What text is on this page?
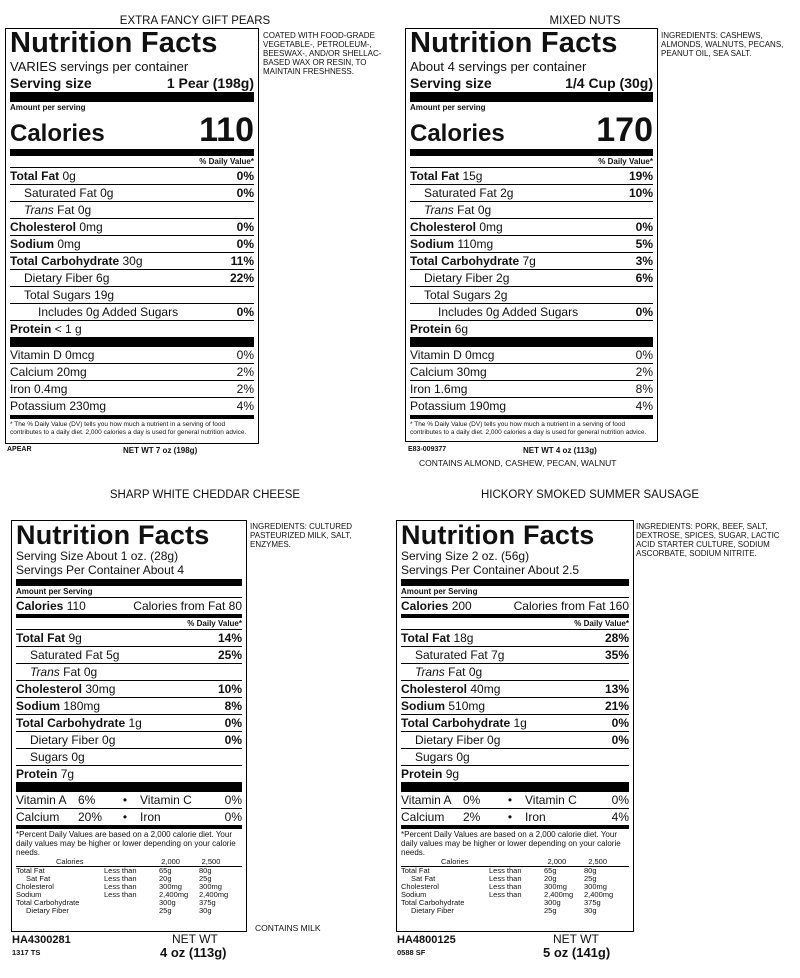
EXTRA FANCY GIFT PEARS
COATED WITH FOOD-GRADE VEGETABLE-, PETROLEUM-, BEESWAX-, AND/OR SHELLAC-BASED WAX OR RESIN, TO MAINTAIN FRESHNESS.
Nutrition Facts
VARIES servings per container
Serving size	1 Pear (198g)
Amount per serving
Calories	110
% Daily Value*
Total Fat 0g	0%
Saturated Fat 0g	0%
Trans Fat 0g
Cholesterol 0mg	0%
Sodium 0mg	0%
Total Carbohydrate 30g	11%
Dietary Fiber 6g	22%
Total Sugars 19g
Includes 0g Added Sugars	0%
Protein < 1 g
Vitamin D 0mcg	0%
Calcium 20mg	2%
Iron 0.4mg	2%
Potassium 230mg	4%
* The % Daily Value (DV) tells you how much a nutrient in a serving of food contributes to a daily diet. 2,000 calories a day is used for general nutrition advice.
APEAR	NET WT 7 oz (198g)
MIXED NUTS
INGREDIENTS: CASHEWS, ALMONDS, WALNUTS, PECANS, PEANUT OIL, SEA SALT.
Nutrition Facts
About 4 servings per container
Serving size	1/4 Cup (30g)
Amount per serving
Calories	170
% Daily Value*
Total Fat 15g	19%
Saturated Fat 2g	10%
Trans Fat 0g
Cholesterol 0mg	0%
Sodium 110mg	5%
Total Carbohydrate 7g	3%
Dietary Fiber 2g	6%
Total Sugars 2g
Includes 0g Added Sugars	0%
Protein 6g
Vitamin D 0mcg	0%
Calcium 30mg	2%
Iron 1.6mg	8%
Potassium 190mg	4%
* The % Daily Value (DV) tells you how much a nutrient in a serving of food contributes to a daily diet. 2,000 calories a day is used for general nutrition advice.
E83-009377	NET WT 4 oz (113g)
CONTAINS ALMOND, CASHEW, PECAN, WALNUT
SHARP WHITE CHEDDAR CHEESE
INGREDIENTS: CULTURED PASTEURIZED MILK, SALT, ENZYMES.
Nutrition Facts
Serving Size About 1 oz. (28g)
Servings Per Container About 4
Amount per Serving
Calories 110	Calories from Fat 80
% Daily Value*
Total Fat 9g	14%
Saturated Fat 5g	25%
Trans Fat 0g
Cholesterol 30mg	10%
Sodium 180mg	8%
Total Carbohydrate 1g	0%
Dietary Fiber 0g	0%
Sugars 0g
Protein 7g
Vitamin A 6%	•	Vitamin C	0%
Calcium	20%	•	Iron	0%
*Percent Daily Values are based on a 2,000 calorie diet. Your daily values may be higher or lower depending on your calorie needs.
	Calories	2,000	2,500
Total Fat	Less than	65g	80g
Sat Fat	Less than	20g	25g
Cholesterol	Less than	300mg	300mg
Sodium	Less than	2,400mg	2,400mg
Total Carbohydrate		300g	375g
Dietary Fiber		25g	30g
HA4300281
1317 TS
NET WT
4 oz (113g)
CONTAINS MILK
HICKORY SMOKED SUMMER SAUSAGE
INGREDIENTS: PORK, BEEF, SALT, DEXTROSE, SPICES, SUGAR, LACTIC ACID STARTER CULTURE, SODIUM ASCORBATE, SODIUM NITRITE.
Nutrition Facts
Serving Size 2 oz. (56g)
Servings Per Container About 2.5
Amount per Serving
Calories 200	Calories from Fat 160
% Daily Value*
Total Fat 18g	28%
Saturated Fat 7g	35%
Trans Fat 0g
Cholesterol 40mg	13%
Sodium 510mg	21%
Total Carbohydrate 1g	0%
Dietary Fiber 0g	0%
Sugars 0g
Protein 9g
Vitamin A 0%	•	Vitamin C	0%
Calcium	2%	•	Iron	4%
*Percent Daily Values are based on a 2,000 calorie diet. Your daily values may be higher or lower depending on your calorie needs.
	Calories	2,000	2,500
Total Fat	Less than	65g	80g
Sat Fat	Less than	20g	25g
Cholesterol	Less than	300mg	300mg
Sodium	Less than	2,400mg	2,400mg
Total Carbohydrate		300g	375g
Dietary Fiber		25g	30g
HA4800125
0588 SF
NET WT
5 oz (141g)
